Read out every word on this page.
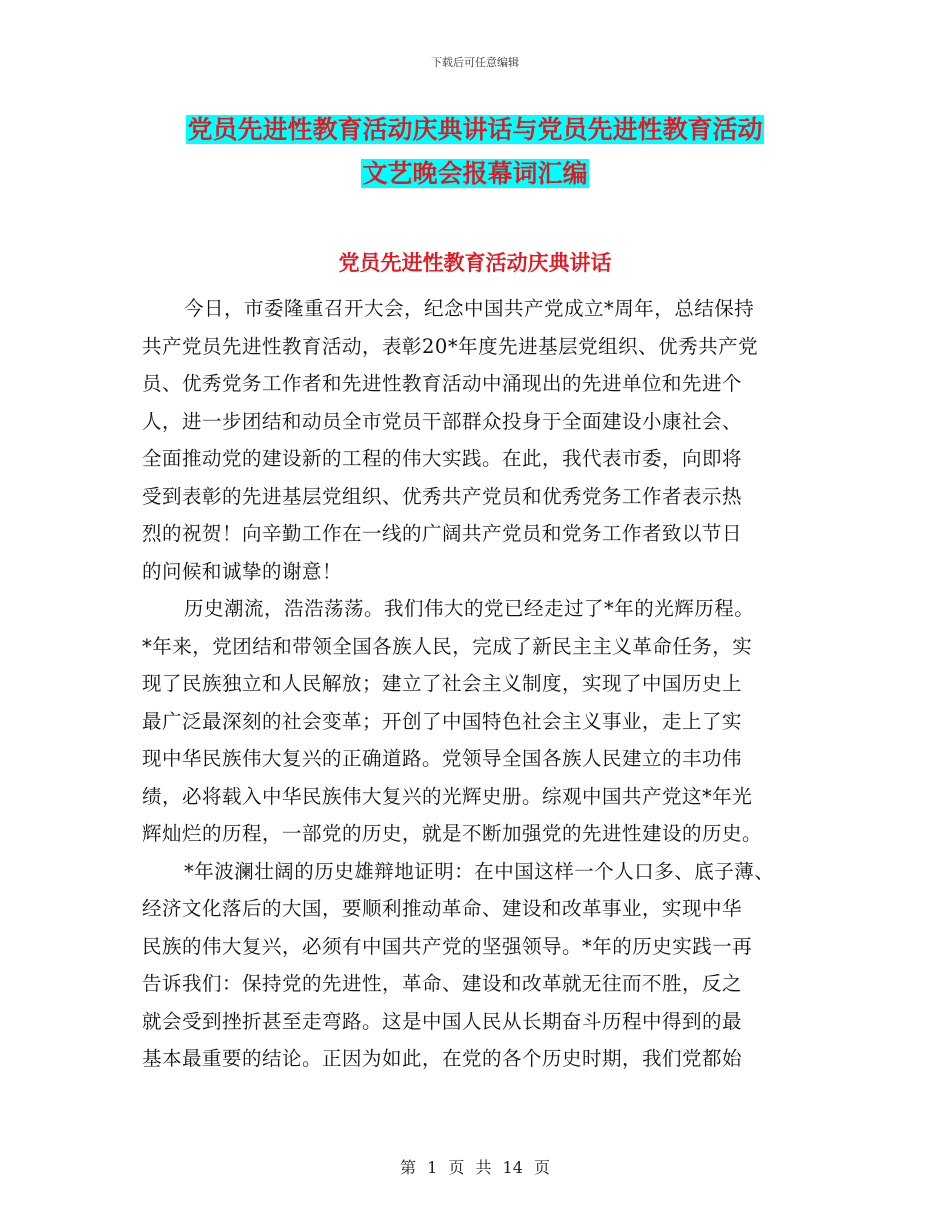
下载后可任意编辑
党员先进性教育活动庆典讲话与党员先进性教育活动
文艺晚会报幕词汇编
党员先进性教育活动庆典讲话
今日，市委隆重召开大会，纪念中国共产党成立*周年，总结保持
共产党员先进性教育活动，表彰20*年度先进基层党组织、优秀共产党
员、优秀党务工作者和先进性教育活动中涌现出的先进单位和先进个
人，进一步团结和动员全市党员干部群众投身于全面建设小康社会、
全面推动党的建设新的工程的伟大实践。在此，我代表市委，向即将
受到表彰的先进基层党组织、优秀共产党员和优秀党务工作者表示热
烈的祝贺！向辛勤工作在一线的广阔共产党员和党务工作者致以节日
的问候和诚挚的谢意！
历史潮流，浩浩荡荡。我们伟大的党已经走过了*年的光辉历程。
*年来，党团结和带领全国各族人民，完成了新民主主义革命任务，实
现了民族独立和人民解放；建立了社会主义制度，实现了中国历史上
最广泛最深刻的社会变革；开创了中国特色社会主义事业，走上了实
现中华民族伟大复兴的正确道路。党领导全国各族人民建立的丰功伟
绩，必将载入中华民族伟大复兴的光辉史册。综观中国共产党这*年光
辉灿烂的历程，一部党的历史，就是不断加强党的先进性建设的历史。
*年波澜壮阔的历史雄辩地证明：在中国这样一个人口多、底子薄、
经济文化落后的大国，要顺利推动革命、建设和改革事业，实现中华
民族的伟大复兴，必须有中国共产党的坚强领导。*年的历史实践一再
告诉我们：保持党的先进性，革命、建设和改革就无往而不胜，反之
就会受到挫折甚至走弯路。这是中国人民从长期奋斗历程中得到的最
基本最重要的结论。正因为如此，在党的各个历史时期，我们党都始
第 1 页 共 14 页
